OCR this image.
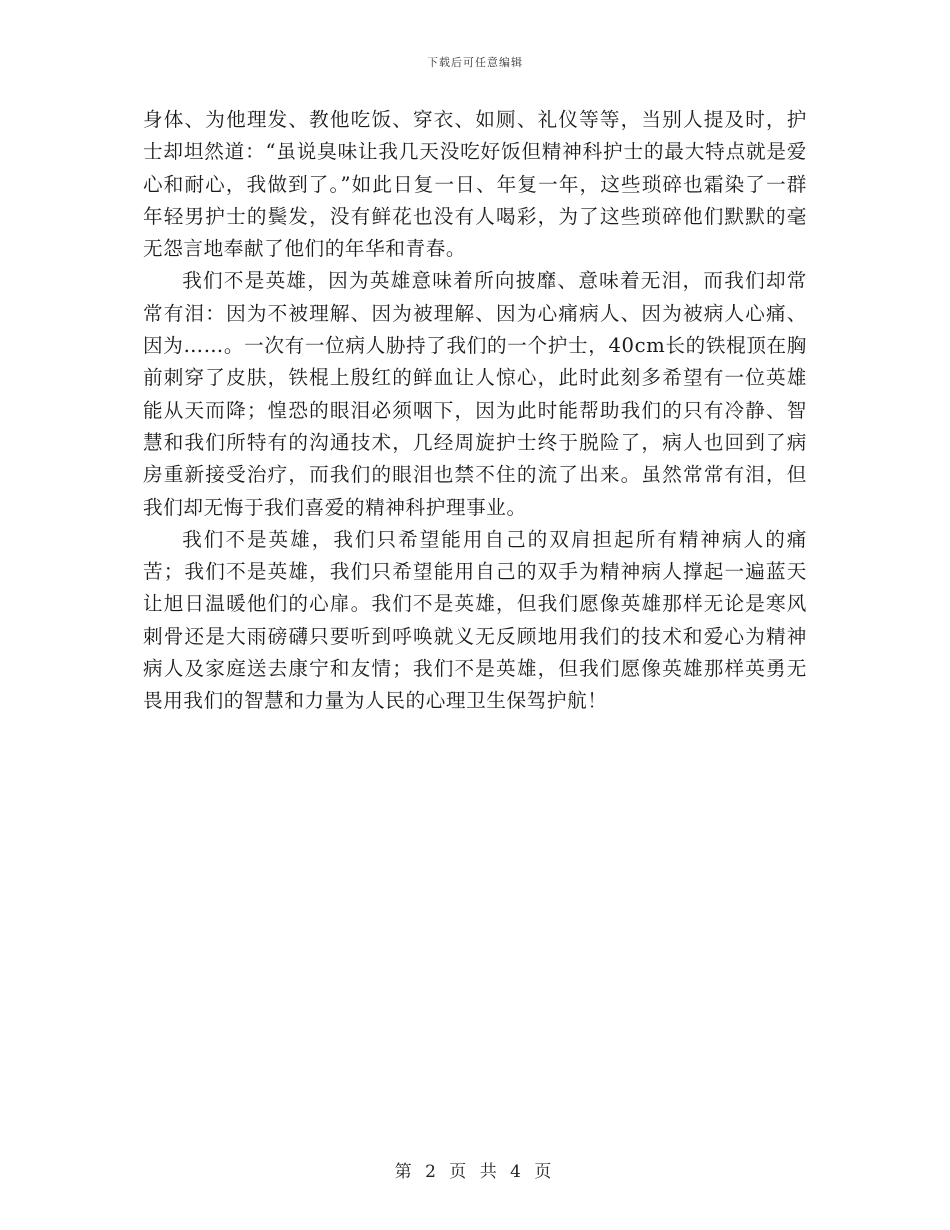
下载后可任意编辑

身体、为他理发、教他吃饭、穿衣、如厕、礼仪等等，当别人提及时，护士却坦然道：“虽说臭味让我几天没吃好饭但精神科护士的最大特点就是爱心和耐心，我做到了。”如此日复一日、年复一年，这些琐碎也霜染了一群年轻男护士的鬓发，没有鲜花也没有人喝彩，为了这些琐碎他们默默的毫无怨言地奉献了他们的年华和青春。

我们不是英雄，因为英雄意味着所向披靡、意味着无泪，而我们却常常有泪：因为不被理解、因为被理解、因为心痛病人、因为被病人心痛、因为……。一次有一位病人胁持了我们的一个护士，40cm长的铁棍顶在胸前刺穿了皮肤，铁棍上殷红的鲜血让人惊心，此时此刻多希望有一位英雄能从天而降；惶恐的眼泪必须咽下，因为此时能帮助我们的只有冷静、智慧和我们所特有的沟通技术，几经周旋护士终于脱险了，病人也回到了病房重新接受治疗，而我们的眼泪也禁不住的流了出来。虽然常常有泪，但我们却无悔于我们喜爱的精神科护理事业。

我们不是英雄，我们只希望能用自己的双肩担起所有精神病人的痛苦；我们不是英雄，我们只希望能用自己的双手为精神病人撑起一遍蓝天让旭日温暖他们的心扉。我们不是英雄，但我们愿像英雄那样无论是寒风刺骨还是大雨磅礴只要听到呼唤就义无反顾地用我们的技术和爱心为精神病人及家庭送去康宁和友情；我们不是英雄，但我们愿像英雄那样英勇无畏用我们的智慧和力量为人民的心理卫生保驾护航！

第 2 页 共 4 页
